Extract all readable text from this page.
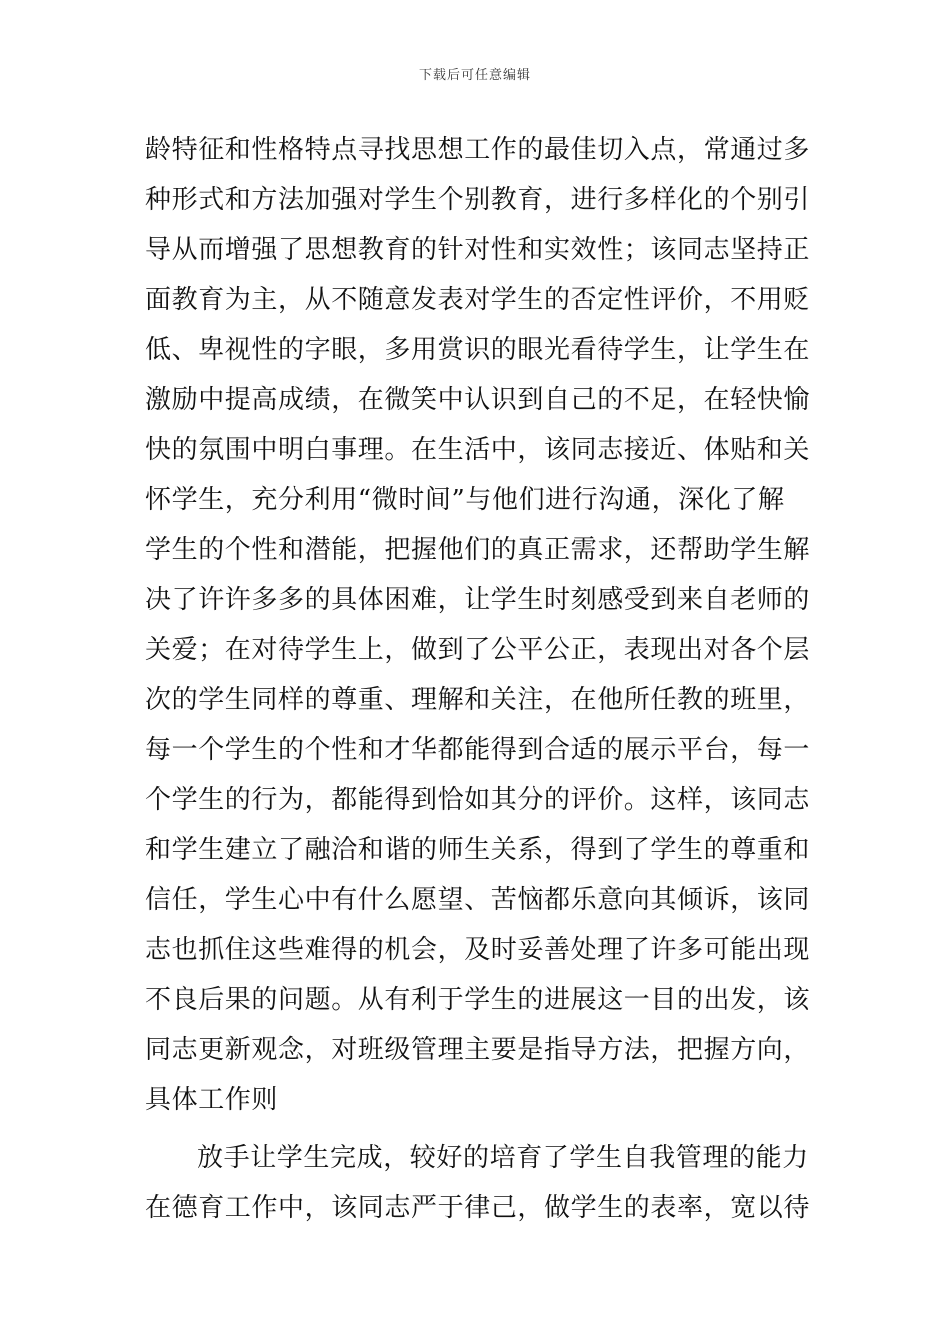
下载后可任意编辑
龄特征和性格特点寻找思想工作的最佳切入点，常通过多
种形式和方法加强对学生个别教育，进行多样化的个别引
导从而增强了思想教育的针对性和实效性；该同志坚持正
面教育为主，从不随意发表对学生的否定性评价，不用贬
低、卑视性的字眼，多用赏识的眼光看待学生，让学生在
激励中提高成绩，在微笑中认识到自己的不足，在轻快愉
快的氛围中明白事理。在生活中，该同志接近、体贴和关
怀学生，充分利用“微时间”与他们进行沟通，深化了解
学生的个性和潜能，把握他们的真正需求，还帮助学生解
决了许许多多的具体困难，让学生时刻感受到来自老师的
关爱；在对待学生上，做到了公平公正，表现出对各个层
次的学生同样的尊重、理解和关注，在他所任教的班里，
每一个学生的个性和才华都能得到合适的展示平台，每一
个学生的行为，都能得到恰如其分的评价。这样，该同志
和学生建立了融洽和谐的师生关系，得到了学生的尊重和
信任，学生心中有什么愿望、苦恼都乐意向其倾诉，该同
志也抓住这些难得的机会，及时妥善处理了许多可能出现
不良后果的问题。从有利于学生的进展这一目的出发，该
同志更新观念，对班级管理主要是指导方法，把握方向，
具体工作则
放手让学生完成，较好的培育了学生自我管理的能力
在德育工作中，该同志严于律己，做学生的表率，宽以待
